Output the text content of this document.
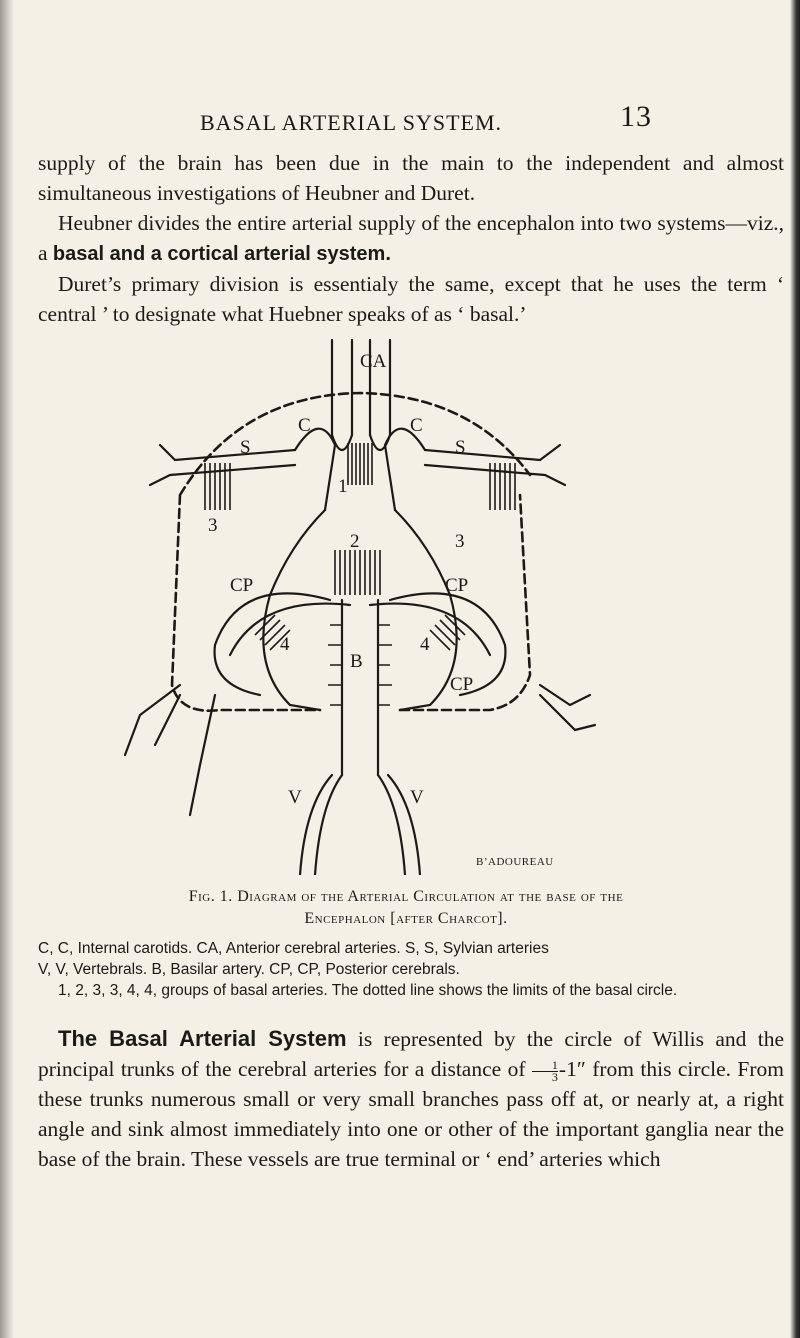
BASAL ARTERIAL SYSTEM.	13

supply of the brain has been due in the main to the independent and almost simultaneous investigations of Heubner and Duret.

Heubner divides the entire arterial supply of the encephalon into two systems—viz., a basal and a cortical arterial system.

Duret’s primary division is essentialy the same, except that he uses the term ‘ central ’ to designate what Huebner speaks of as ‘ basal.’

CA
C	C
S	S
1
2
3
3
4	4
CP	CP
CP
B
V	V
B’ADOUREAU
Fig. 1. Diagram of the Arterial Circulation at the base of the
Encephalon [after Charcot].

C, C, Internal carotids. CA, Anterior cerebral arteries. S, S, Sylvian arteries

V, V, Vertebrals. B, Basilar artery. CP, CP, Posterior cerebrals.

1, 2, 3, 3, 4, 4, groups of basal arteries. The dotted line shows the limits of the basal circle.

The Basal Arterial System is represented by the circle of Willis and the principal trunks of the cerebral arteries for a distance of $\frac{1}{3} -1''$ from this circle. From these trunks numerous small or very small branches pass off at, or nearly at, a right angle and sink almost immediately into one or other of the important ganglia near the base of the brain. These vessels are true terminal or ‘ end’ arteries which
